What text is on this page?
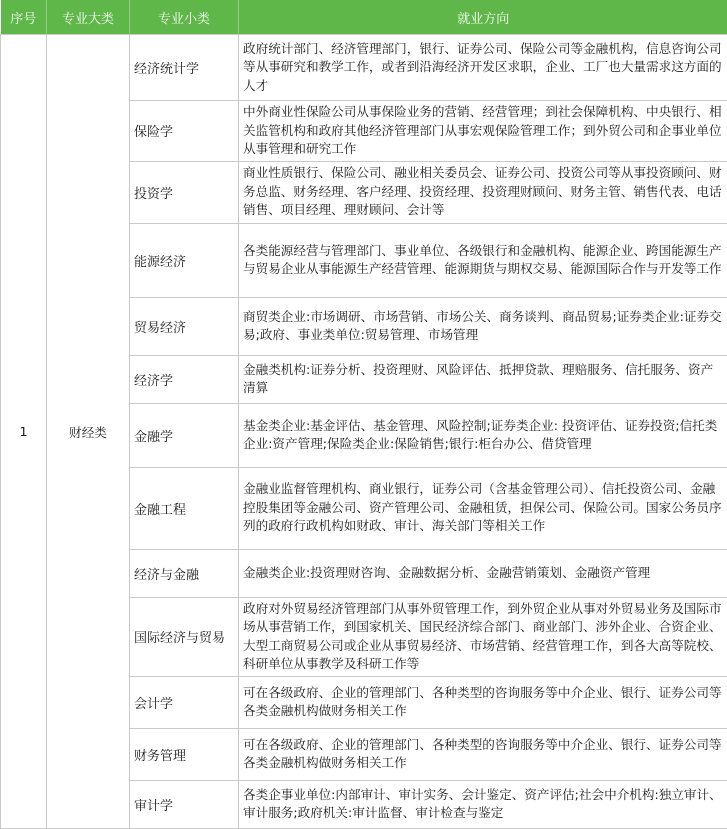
序号	专业大类	专业小类	就业方向
1	财经类	经济统计学	政府统计部门、经济管理部门，银行、证券公司、保险公司等金融机构，信息咨询公司等从事研究和教学工作，或者到沿海经济开发区求职，企业、工厂也大量需求这方面的人才
		保险学	中外商业性保险公司从事保险业务的营销、经营管理；到社会保障机构、中央银行、相关监管机构和政府其他经济管理部门从事宏观保险管理工作；到外贸公司和企事业单位从事管理和研究工作
		投资学	商业性质银行、保险公司、融业相关委员会、证券公司、投资公司等从事投资顾问、财务总监、财务经理、客户经理、投资经理、投资理财顾问、财务主管、销售代表、电话销售、项目经理、理财顾问、会计等
		能源经济	各类能源经营与管理部门、事业单位、各级银行和金融机构、能源企业、跨国能源生产与贸易企业从事能源生产经营管理、能源期货与期权交易、能源国际合作与开发等工作
		贸易经济	商贸类企业:市场调研、市场营销、市场公关、商务谈判、商品贸易;证券类企业:证券交易;政府、事业类单位:贸易管理、市场管理
		经济学	金融类机构:证券分析、投资理财、风险评估、抵押贷款、理赔服务、信托服务、资产清算
		金融学	基金类企业:基金评估、基金管理、风险控制;证券类企业: 投资评估、证券投资;信托类企业:资产管理;保险类企业:保险销售;银行:柜台办公、借贷管理
		金融工程	金融业监督管理机构、商业银行，证券公司（含基金管理公司）、信托投资公司、金融控股集团等金融公司、资产管理公司、金融租赁，担保公司、保险公司。国家公务员序列的政府行政机构如财政、审计、海关部门等相关工作
		经济与金融	金融类企业:投资理财咨询、金融数据分析、金融营销策划、金融资产管理
		国际经济与贸易	政府对外贸易经济管理部门从事外贸管理工作，到外贸企业从事对外贸易业务及国际市场从事营销工作，到国家机关、国民经济综合部门、商业部门、涉外企业、合资企业、大型工商贸易公司或企业从事贸易经济、市场营销、经营管理工作，到各大高等院校、科研单位从事教学及科研工作等
		会计学	可在各级政府、企业的管理部门、各种类型的咨询服务等中介企业、银行、证券公司等各类金融机构做财务相关工作
		财务管理	可在各级政府、企业的管理部门、各种类型的咨询服务等中介企业、银行、证券公司等各类金融机构做财务相关工作
		审计学	各类企事业单位:内部审计、审计实务、会计鉴定、资产评估;社会中介机构:独立审计、审计服务;政府机关:审计监督、审计检查与鉴定
